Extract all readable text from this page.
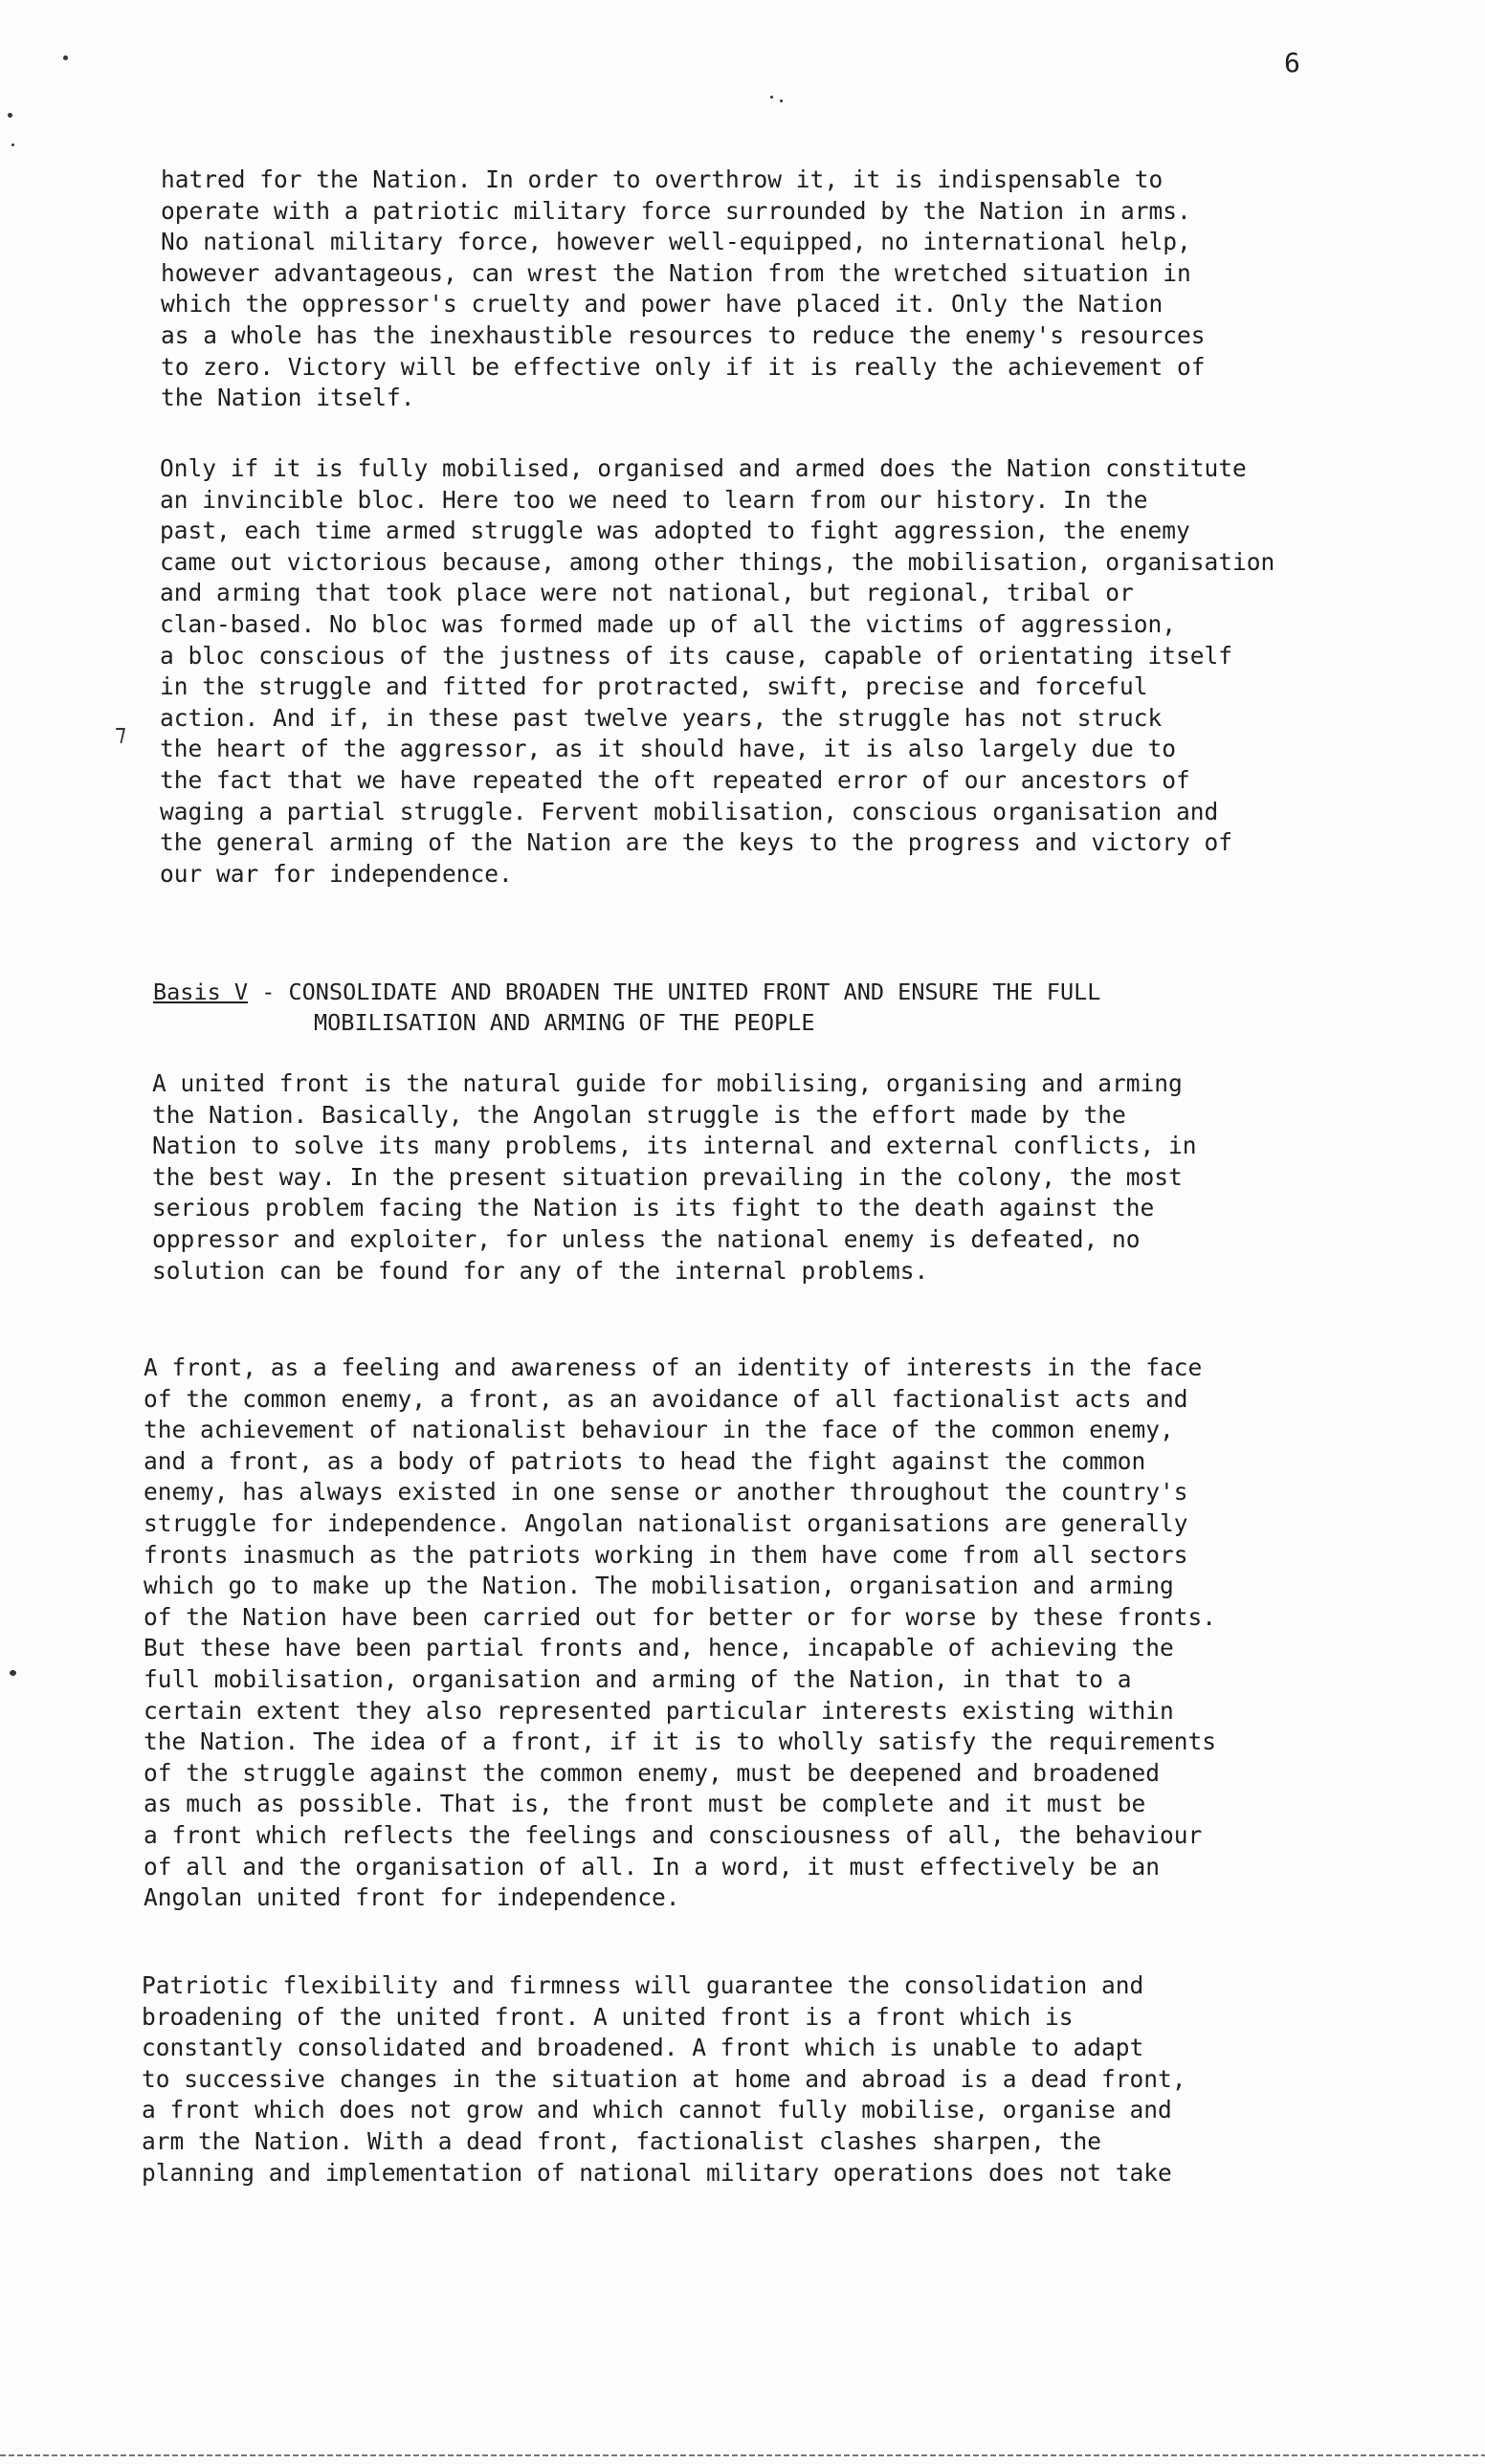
6
hatred for the Nation. In order to overthrow it, it is indispensable to
operate with a patriotic military force surrounded by the Nation in arms.
No national military force, however well-equipped, no international help,
however advantageous, can wrest the Nation from the wretched situation in
which the oppressor's cruelty and power have placed it. Only the Nation
as a whole has the inexhaustible resources to reduce the enemy's resources
to zero. Victory will be effective only if it is really the achievement of
the Nation itself.
Only if it is fully mobilised, organised and armed does the Nation constitute
an invincible bloc. Here too we need to learn from our history. In the
past, each time armed struggle was adopted to fight aggression, the enemy
came out victorious because, among other things, the mobilisation, organisation
and arming that took place were not national, but regional, tribal or
clan-based. No bloc was formed made up of all the victims of aggression,
a bloc conscious of the justness of its cause, capable of orientating itself
in the struggle and fitted for protracted, swift, precise and forceful
action. And if, in these past twelve years, the struggle has not struck
the heart of the aggressor, as it should have, it is also largely due to
the fact that we have repeated the oft repeated error of our ancestors of
waging a partial struggle. Fervent mobilisation, conscious organisation and
the general arming of the Nation are the keys to the progress and victory of
our war for independence.
⁊
Basis V - CONSOLIDATE AND BROADEN THE UNITED FRONT AND ENSURE THE FULL
MOBILISATION AND ARMING OF THE PEOPLE
A united front is the natural guide for mobilising, organising and arming
the Nation. Basically, the Angolan struggle is the effort made by the
Nation to solve its many problems, its internal and external conflicts, in
the best way. In the present situation prevailing in the colony, the most
serious problem facing the Nation is its fight to the death against the
oppressor and exploiter, for unless the national enemy is defeated, no
solution can be found for any of the internal problems.
A front, as a feeling and awareness of an identity of interests in the face
of the common enemy, a front, as an avoidance of all factionalist acts and
the achievement of nationalist behaviour in the face of the common enemy,
and a front, as a body of patriots to head the fight against the common
enemy, has always existed in one sense or another throughout the country's
struggle for independence. Angolan nationalist organisations are generally
fronts inasmuch as the patriots working in them have come from all sectors
which go to make up the Nation. The mobilisation, organisation and arming
of the Nation have been carried out for better or for worse by these fronts.
But these have been partial fronts and, hence, incapable of achieving the
full mobilisation, organisation and arming of the Nation, in that to a
certain extent they also represented particular interests existing within
the Nation. The idea of a front, if it is to wholly satisfy the requirements
of the struggle against the common enemy, must be deepened and broadened
as much as possible. That is, the front must be complete and it must be
a front which reflects the feelings and consciousness of all, the behaviour
of all and the organisation of all. In a word, it must effectively be an
Angolan united front for independence.
Patriotic flexibility and firmness will guarantee the consolidation and
broadening of the united front. A united front is a front which is
constantly consolidated and broadened. A front which is unable to adapt
to successive changes in the situation at home and abroad is a dead front,
a front which does not grow and which cannot fully mobilise, organise and
arm the Nation. With a dead front, factionalist clashes sharpen, the
planning and implementation of national military operations does not take
